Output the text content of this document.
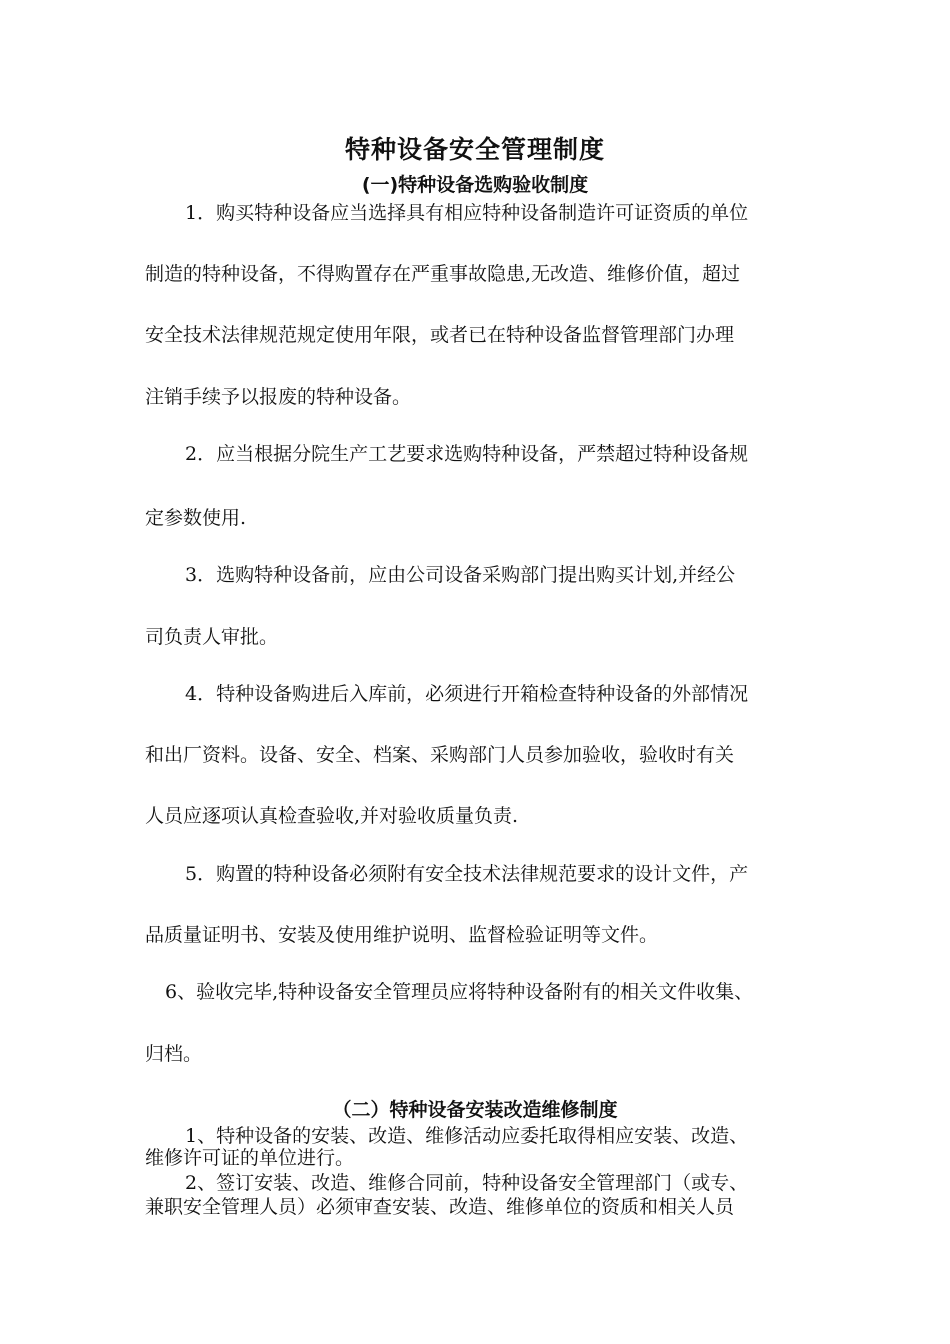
特种设备安全管理制度
(一)特种设备选购验收制度
1．购买特种设备应当选择具有相应特种设备制造许可证资质的单位
制造的特种设备，不得购置存在严重事故隐患,无改造、维修价值，超过
安全技术法律规范规定使用年限，或者已在特种设备监督管理部门办理
注销手续予以报废的特种设备。
2．应当根据分院生产工艺要求选购特种设备，严禁超过特种设备规
定参数使用.
3．选购特种设备前，应由公司设备采购部门提出购买计划,并经公
司负责人审批。
4．特种设备购进后入库前，必须进行开箱检查特种设备的外部情况
和出厂资料。设备、安全、档案、采购部门人员参加验收，验收时有关
人员应逐项认真检查验收,并对验收质量负责.
5．购置的特种设备必须附有安全技术法律规范要求的设计文件，产
品质量证明书、安装及使用维护说明、监督检验证明等文件。
6、验收完毕,特种设备安全管理员应将特种设备附有的相关文件收集、
归档。
（二）特种设备安装改造维修制度
1、特种设备的安装、改造、维修活动应委托取得相应安装、改造、
维修许可证的单位进行。
2、签订安装、改造、维修合同前，特种设备安全管理部门（或专、
兼职安全管理人员）必须审查安装、改造、维修单位的资质和相关人员
